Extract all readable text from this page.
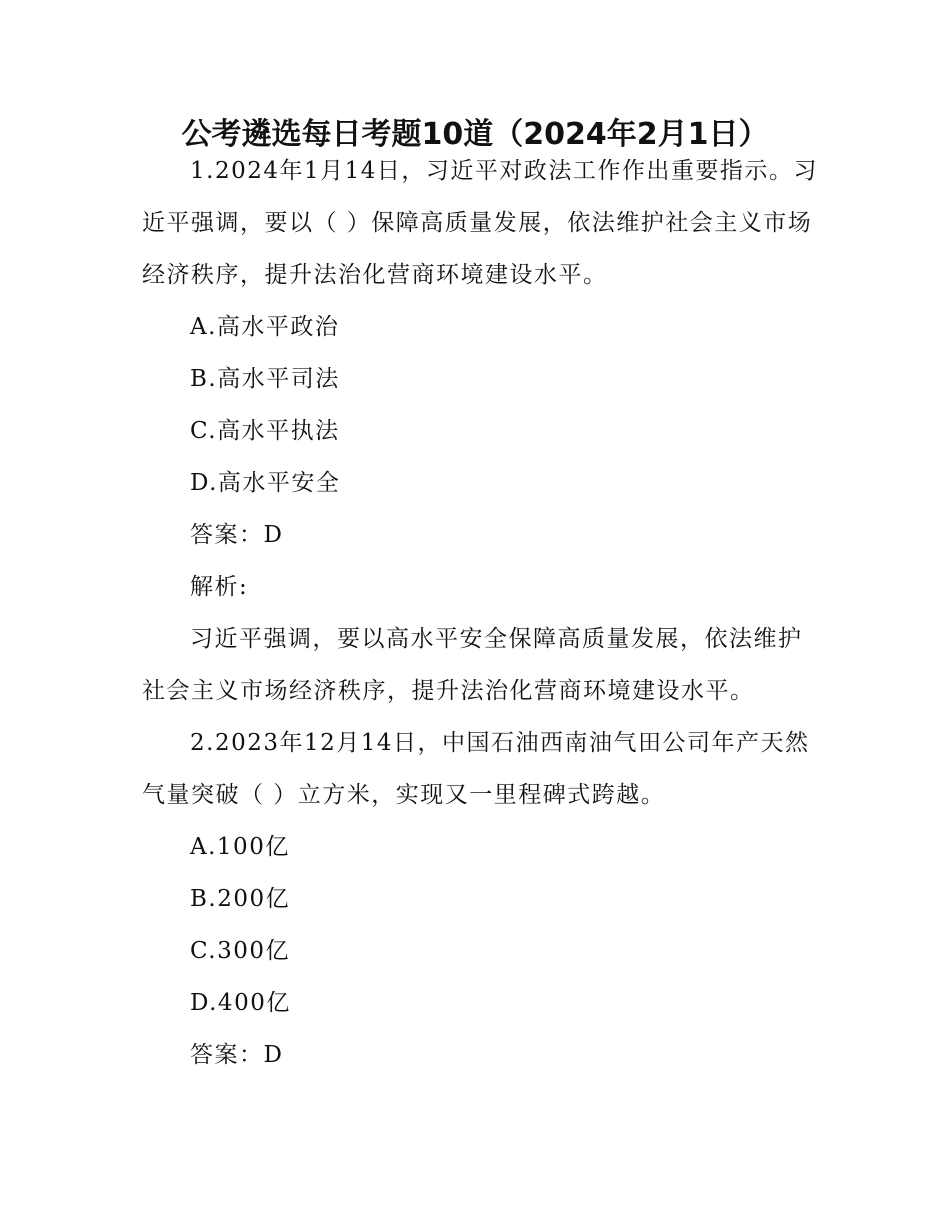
公考遴选每日考题10道（2024年2月1日）

1.2024年1月14日，习近平对政法工作作出重要指示。习近平强调，要以（ ）保障高质量发展，依法维护社会主义市场经济秩序，提升法治化营商环境建设水平。

A.高水平政治

B.高水平司法

C.高水平执法

D.高水平安全

答案：D

解析:

习近平强调，要以高水平安全保障高质量发展，依法维护社会主义市场经济秩序，提升法治化营商环境建设水平。

2.2023年12月14日，中国石油西南油气田公司年产天然气量突破（ ）立方米，实现又一里程碑式跨越。

A.100亿

B.200亿

C.300亿

D.400亿

答案：D
